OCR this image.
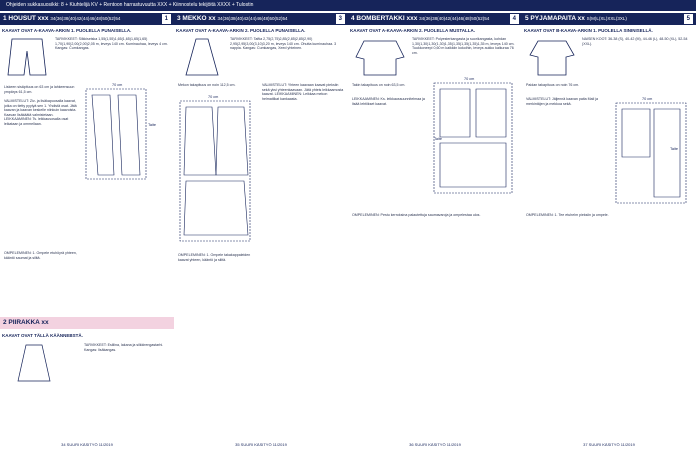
Ohjeiden sukkasuosikki: 8 + Kiuhtelijä KV + Rentoon harrastuvuutta XXX + Kiinnostelu tekijöitä XXXX + Tulostin
1 HOUSUT xxx 34(36)38(40)42(44)46(48)50(52)54	1
KAAVAT OVAT A-KAAVA-ARKIN 1. PUOLELLA PUNAISELLA.
TARVIKKEET: Silkkiseiska 1,55(1,55)1,65(1,65)1,65(1,65) 1,70(1,90)2,00(2,00)2,05 m, leveys 140 cm. Kuminauhaa, leveys 4 cm. Kangas: Cumkangas.
Liskeen sisäpituus on 63 cm ja lahkeensuun ympärys 61,5 cm.
VALMISTELUT: Ziv- ja lisäkapuosalla kaavat, jotka on tietty pyylyä sen 1. Yhdistä osat. Jätä kaavan ja kaavan keskelle niinkuin kaavoista. Kaavan lisäkäätä valmistetaan. LEIKKAAMINEN: Ts. leikkausosalla osat leikataan ja ommellaan.
70 cm
Taite
OMPELEMINEN: 1. Ompele etuhöyrä yhteen, kääntö saumat ja silitä.
2 PIIRAKKA xx
KAAVAT OVAT TÄLLÄ KÄÄNNEBSTÄ.
TARVIKKEET: Esiliina, lakana ja silkkirengastarhi. Kangas: lisäkangas.
34 SUURI KÄSITYÖ 11/2019
3 MEKKO xx 34(36)38(40)42(44)46(48)50(52)54	3
KAAVAT OVAT A-KAAVA-ARKIN 2. PUOLELLA PUNAISELLA.
TARVIKKEET: Taftia 2,75(2,75)2,85(2,85)2,85(2,90) 2,95(2,95)3,00(3,10)3,20 m, leveys 140 cm. Ohutta kuminauhaa. 3 nappia. Kangas: Cumkangas, Xeed yhteinen.
Mekon takapituus on noin 112,5 cm.
70 cm
VALMISTELUT: Yhteen kaavaan kaavat pieksiin sekä yksi yhteenkaavaan. Jätä yhteis leikkaamosta kaavat. LEIKKAAMINEN: Leikkaa mekon helmatilkat kankaasta.
OMPELEMINEN: 1. Ompele takakappaleiden kaavat yhteen, kääntö ja silitä.
35 SUURI KÄSITYÖ 11/2019
4 BOMBERTAKKI xxx 34(36)38(40)42(44)46(48)50(52)54	4
KAAVAT OVAT A-KAAVA-ARKIN 2. PUOLELLA MUSTALLA.
TARVIKKEET: Polyesterkangasta ja suorikangasta, kohdan 1,30(1,30)1,30(1,30)1,35(1,35)1,35(1,35)1,35 m, leveys 140 cm. Tuukkoneepi 0,60 m kaikkiin kokoihin, leveys aukko kaikuraa 76 cm.
Takin takapituus on noin 63,5 cm.
70 cm
Taite
LEIKKAAMINEN: Ks. leikkaussuunnitelmaa ja lisää lehtiikset kaavat.
OMPELEMINEN: Pestu kerroksina palautettuja saumavaroja ja ompelestaa ulos.
36 SUURI KÄSITYÖ 11/2019
5 PYJAMAPAITA xx S(M)L(XL)XXL(3XL)	5
KAAVAT OVAT B-KAAVA-ARKIN 1. PUOLELLA SININISELLÄ.
NAISEN KOOT: 36-38 (S), 40-42 (M), 44-46 (L), 48-50 (XL), 52-54 (XXL).
Paidan takapituus on noin 76 cm.
VALMISTELUT: Jäljennä kaavan paita Mali ja merkintäjen ja mekkoa sekä.
70 cm
Taite
OMPELEMINEN: 1. Tee etuhelm pieksiin ja ompele.
37 SUURI KÄSITYÖ 11/2019
